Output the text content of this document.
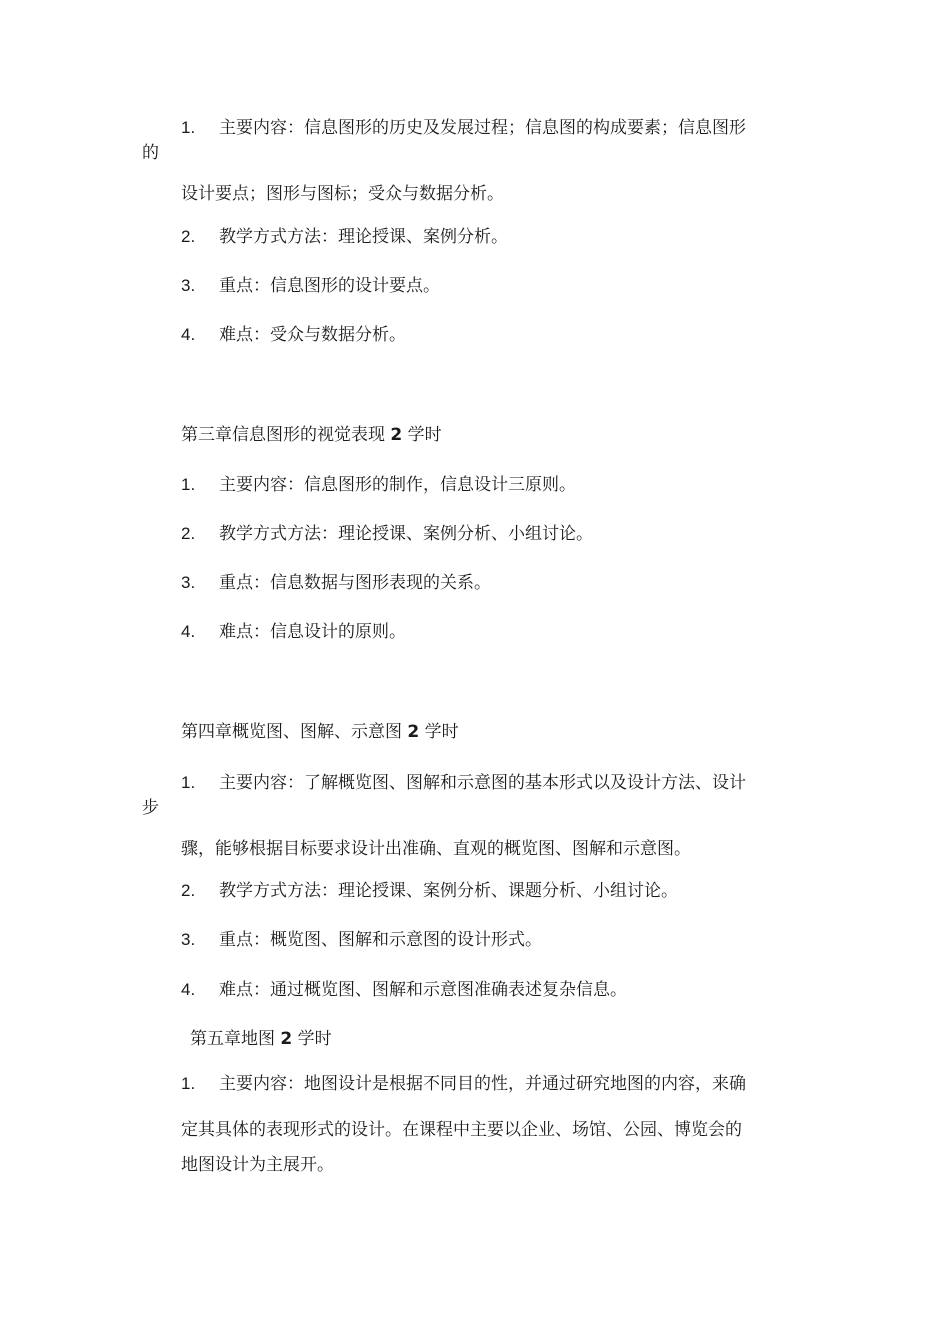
1.	主要内容：信息图形的历史及发展过程；信息图的构成要素；信息图形
的
设计要点；图形与图标；受众与数据分析。
2.	教学方式方法：理论授课、案例分析。
3.	重点：信息图形的设计要点。
4.	难点：受众与数据分析。
第三章信息图形的视觉表现 2 学时
1.	主要内容：信息图形的制作，信息设计三原则。
2.	教学方式方法：理论授课、案例分析、小组讨论。
3.	重点：信息数据与图形表现的关系。
4.	难点：信息设计的原则。
第四章概览图、图解、示意图 2 学时
1.	主要内容：了解概览图、图解和示意图的基本形式以及设计方法、设计
步
骤，能够根据目标要求设计出准确、直观的概览图、图解和示意图。
2.	教学方式方法：理论授课、案例分析、课题分析、小组讨论。
3.	重点：概览图、图解和示意图的设计形式。
4.	难点：通过概览图、图解和示意图准确表述复杂信息。
第五章地图 2 学时
1.	主要内容：地图设计是根据不同目的性，并通过研究地图的内容，来确
定其具体的表现形式的设计。在课程中主要以企业、场馆、公园、博览会的
地图设计为主展开。
